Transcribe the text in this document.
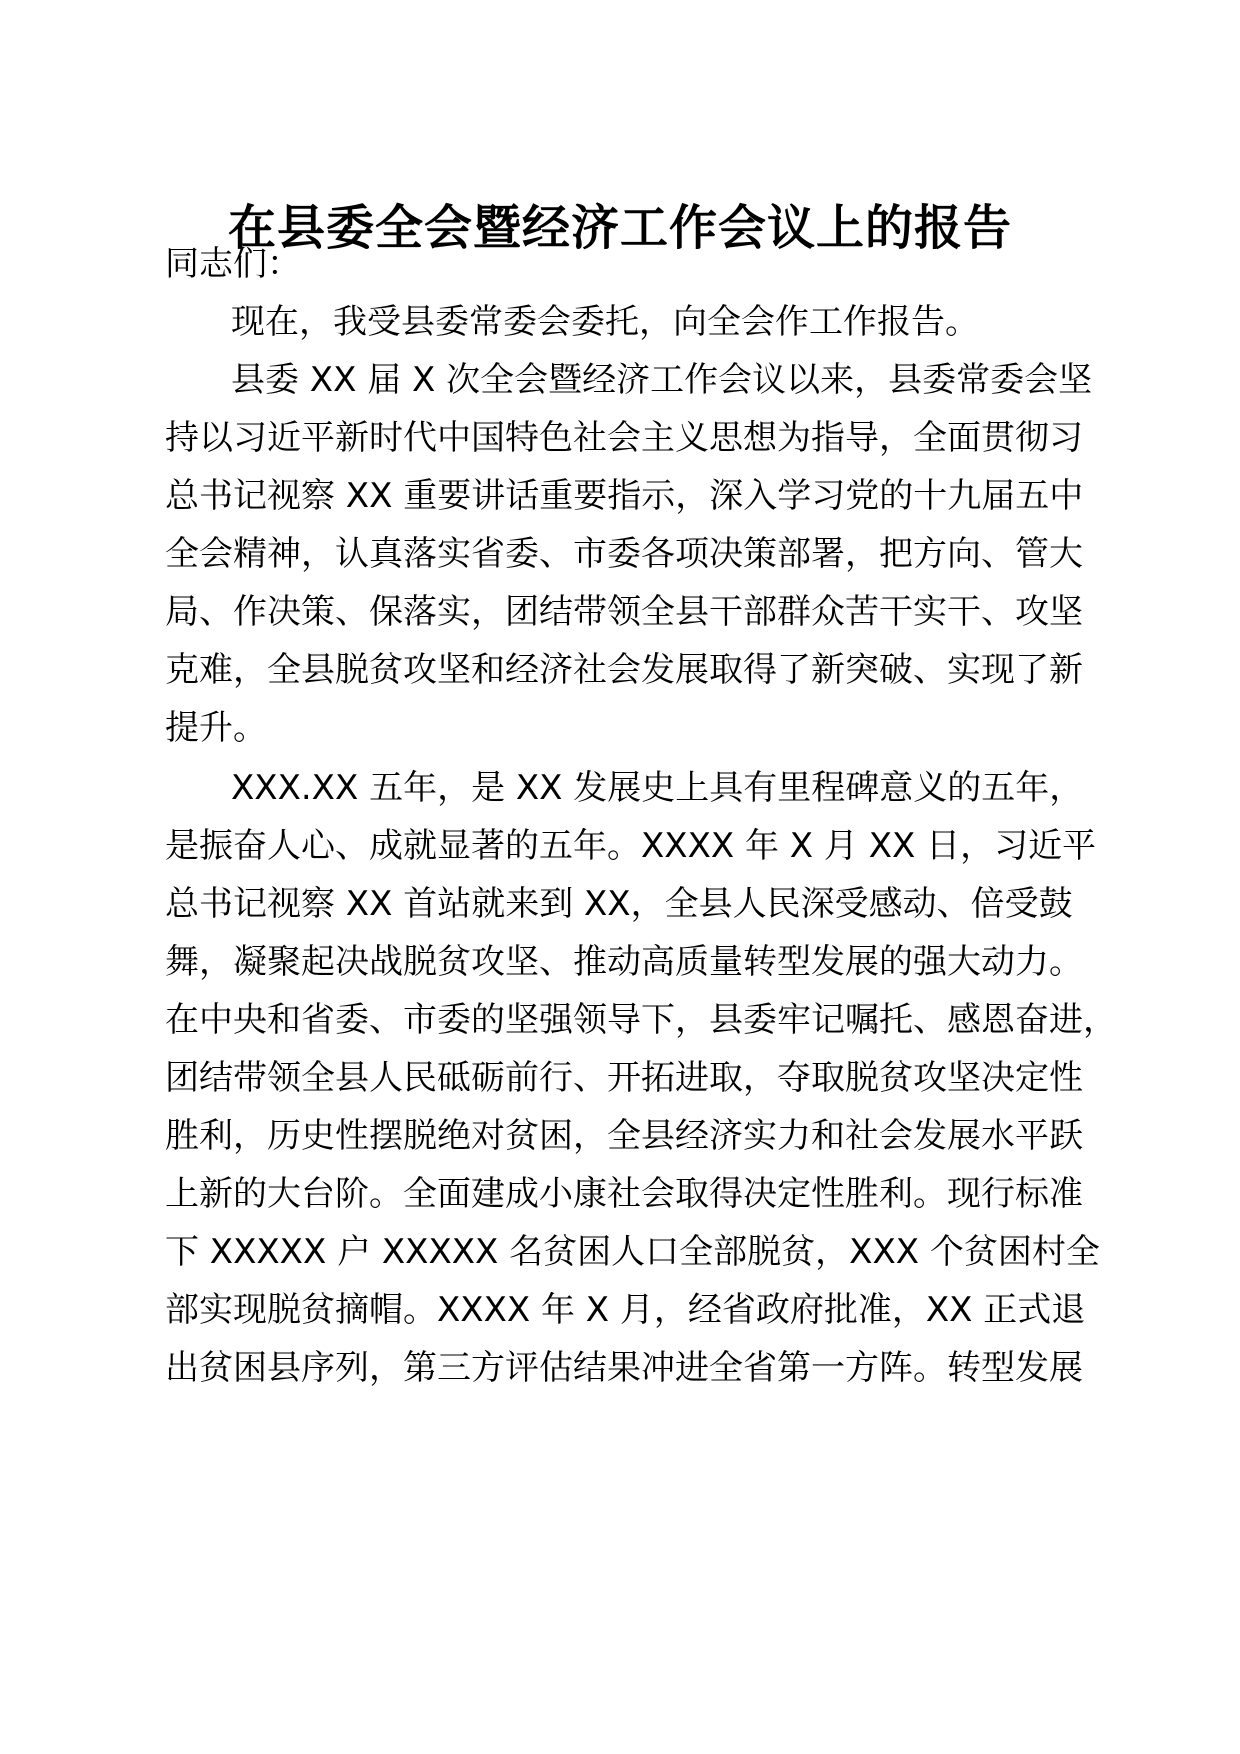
在县委全会暨经济工作会议上的报告
同志们：
现在，我受县委常委会委托，向全会作工作报告。
县委 XX 届 X 次全会暨经济工作会议以来，县委常委会坚
持以习近平新时代中国特色社会主义思想为指导，全面贯彻习
总书记视察 XX 重要讲话重要指示，深入学习党的十九届五中
全会精神，认真落实省委、市委各项决策部署，把方向、管大
局、作决策、保落实，团结带领全县干部群众苦干实干、攻坚
克难，全县脱贫攻坚和经济社会发展取得了新突破、实现了新
提升。
XXX.XX 五年，是 XX 发展史上具有里程碑意义的五年，
是振奋人心、成就显著的五年。XXXX 年 X 月 XX 日，习近平
总书记视察 XX 首站就来到 XX，全县人民深受感动、倍受鼓
舞，凝聚起决战脱贫攻坚、推动高质量转型发展的强大动力。
在中央和省委、市委的坚强领导下，县委牢记嘱托、感恩奋进，
团结带领全县人民砥砺前行、开拓进取，夺取脱贫攻坚决定性
胜利，历史性摆脱绝对贫困，全县经济实力和社会发展水平跃
上新的大台阶。全面建成小康社会取得决定性胜利。现行标准
下 XXXXX 户 XXXXX 名贫困人口全部脱贫，XXX 个贫困村全
部实现脱贫摘帽。XXXX 年 X 月，经省政府批准，XX 正式退
出贫困县序列，第三方评估结果冲进全省第一方阵。转型发展
